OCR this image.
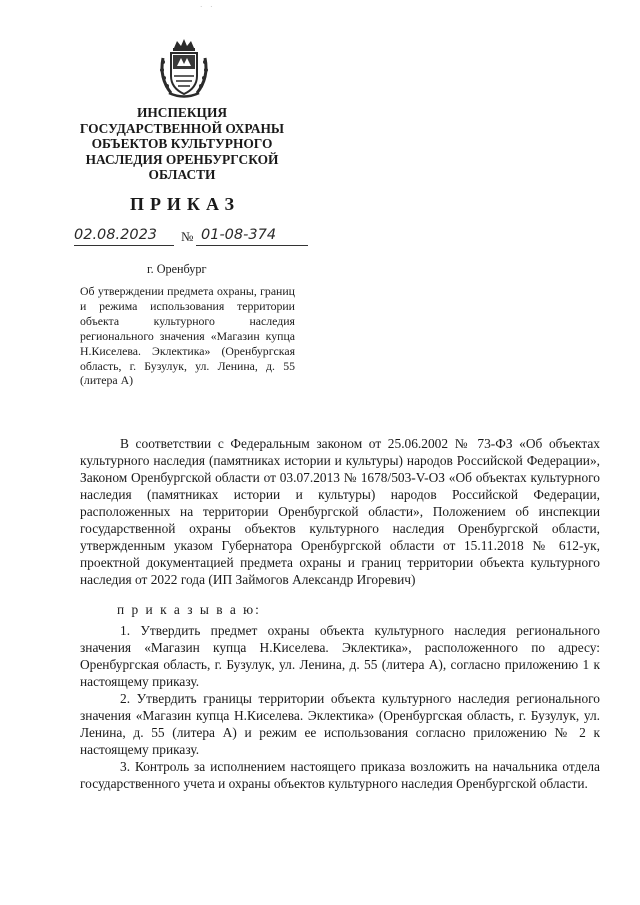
· ·
ИНСПЕКЦИЯ
ГОСУДАРСТВЕННОЙ ОХРАНЫ
ОБЪЕКТОВ КУЛЬТУРНОГО
НАСЛЕДИЯ ОРЕНБУРГСКОЙ
ОБЛАСТИ
ПРИКАЗ
02.08.2023 № 01-08-374
г. Оренбург
Об утверждении предмета охраны, границ и режима использования территории объекта культурного наследия регионального значения «Магазин купца Н.Киселева. Эклектика» (Оренбургская область, г. Бузулук, ул. Ленина, д. 55 (литера А)
В соответствии с Федеральным законом от 25.06.2002 № 73-ФЗ «Об объектах культурного наследия (памятниках истории и культуры) народов Российской Федерации», Законом Оренбургской области от 03.07.2013 № 1678/503-V-ОЗ «Об объектах культурного наследия (памятниках истории и культуры) народов Российской Федерации, расположенных на территории Оренбургской области», Положением об инспекции государственной охраны объектов культурного наследия Оренбургской области, утвержденным указом Губернатора Оренбургской области от 15.11.2018 № 612-ук, проектной документацией предмета охраны и границ территории объекта культурного наследия от 2022 года (ИП Займогов Александр Игоревич)
п р и к а з ы в а ю:
1. Утвердить предмет охраны объекта культурного наследия регионального значения «Магазин купца Н.Киселева. Эклектика», расположенного по адресу: Оренбургская область, г. Бузулук, ул. Ленина, д. 55 (литера А), согласно приложению 1 к настоящему приказу.
2. Утвердить границы территории объекта культурного наследия регионального значения «Магазин купца Н.Киселева. Эклектика» (Оренбургская область, г. Бузулук, ул. Ленина, д. 55 (литера А) и режим ее использования согласно приложению № 2 к настоящему приказу.
3. Контроль за исполнением настоящего приказа возложить на начальника отдела государственного учета и охраны объектов культурного наследия Оренбургской области.
